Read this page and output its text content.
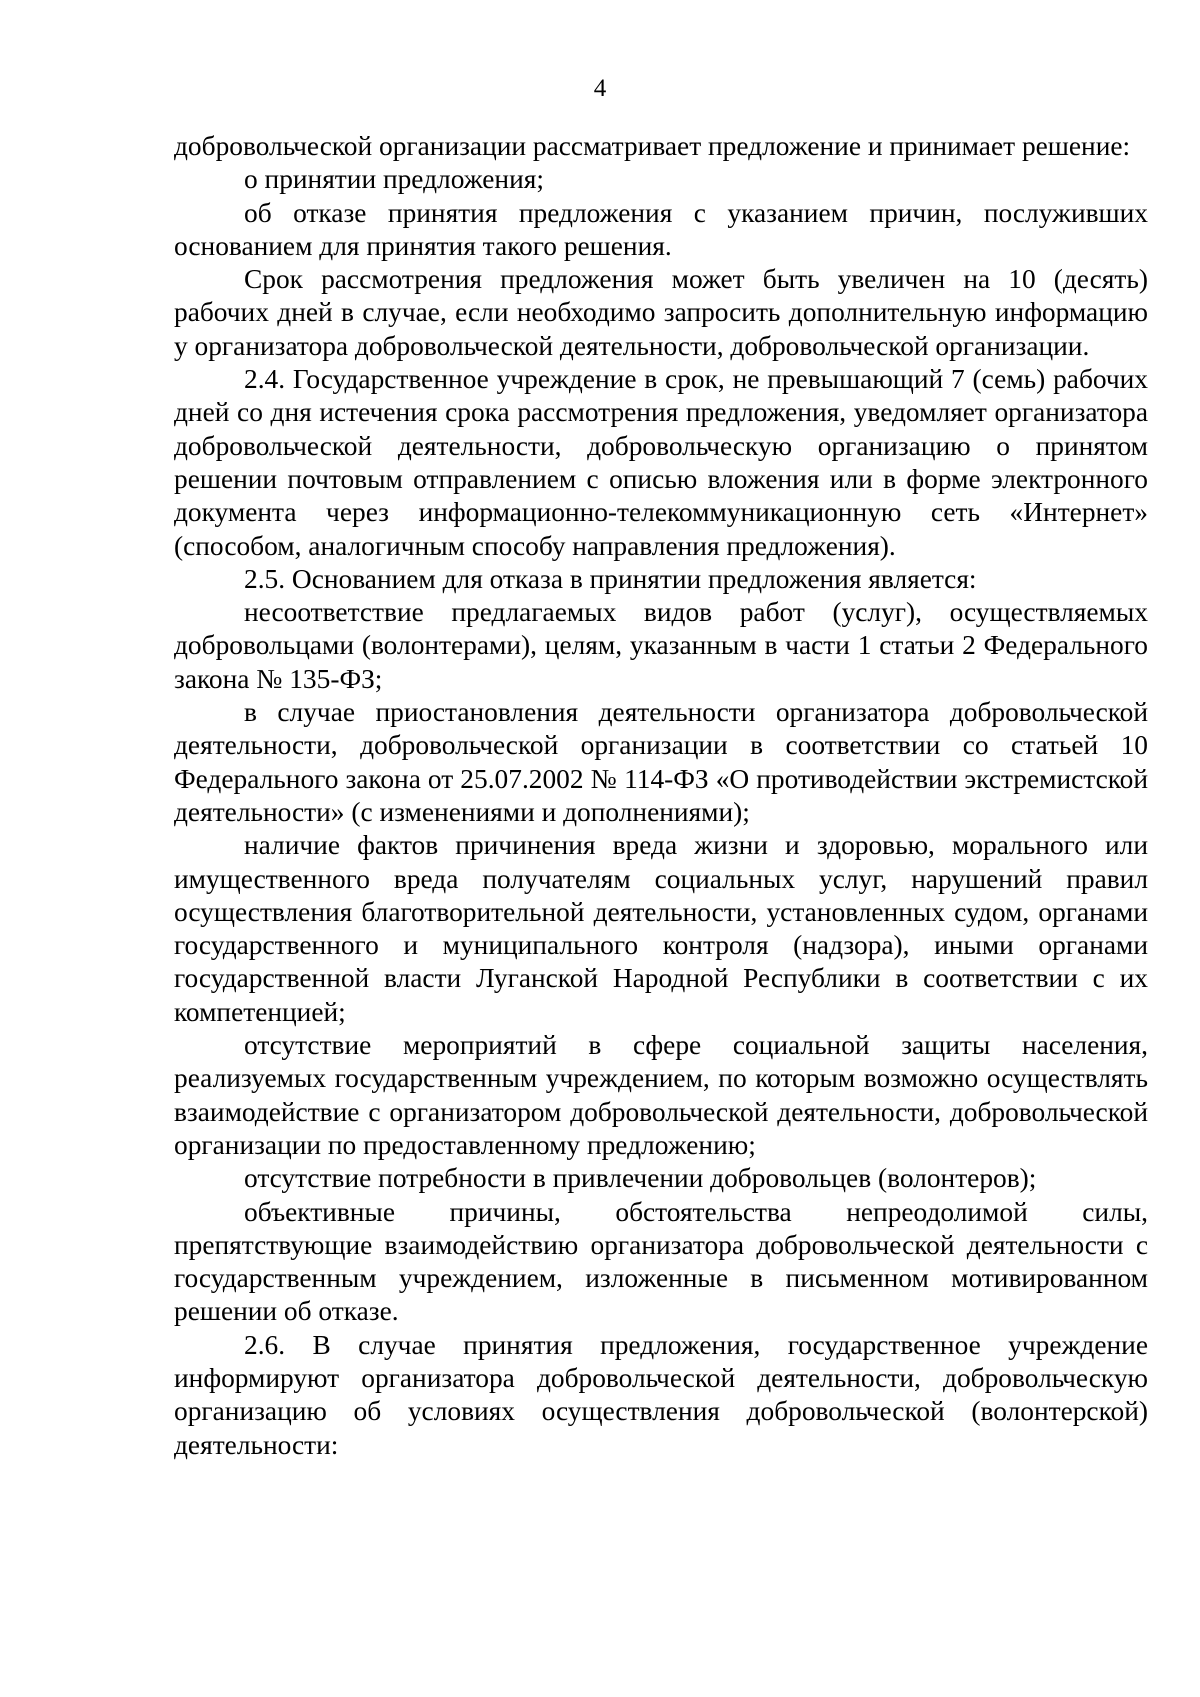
4

добровольческой организации рассматривает предложение и принимает решение:

о принятии предложения;

об отказе принятия предложения с указанием причин, послуживших основанием для принятия такого решения.

Срок рассмотрения предложения может быть увеличен на 10 (десять) рабочих дней в случае, если необходимо запросить дополнительную информацию у организатора добровольческой деятельности, добровольческой организации.

2.4. Государственное учреждение в срок, не превышающий 7 (семь) рабочих дней со дня истечения срока рассмотрения предложения, уведомляет организатора добровольческой деятельности, добровольческую организацию о принятом решении почтовым отправлением с описью вложения или в форме электронного документа через информационно-телекоммуникационную сеть «Интернет» (способом, аналогичным способу направления предложения).

2.5. Основанием для отказа в принятии предложения является:

несоответствие предлагаемых видов работ (услуг), осуществляемых добровольцами (волонтерами), целям, указанным в части 1 статьи 2 Федерального закона № 135-ФЗ;

в случае приостановления деятельности организатора добровольческой деятельности, добровольческой организации в соответствии со статьей 10 Федерального закона от 25.07.2002 № 114-ФЗ «О противодействии экстремистской деятельности» (с изменениями и дополнениями);

наличие фактов причинения вреда жизни и здоровью, морального или имущественного вреда получателям социальных услуг, нарушений правил осуществления благотворительной деятельности, установленных судом, органами государственного и муниципального контроля (надзора), иными органами государственной власти Луганской Народной Республики в соответствии с их компетенцией;

отсутствие мероприятий в сфере социальной защиты населения, реализуемых государственным учреждением, по которым возможно осуществлять взаимодействие с организатором добровольческой деятельности, добровольческой организации по предоставленному предложению;

отсутствие потребности в привлечении добровольцев (волонтеров);

объективные причины, обстоятельства непреодолимой силы, препятствующие взаимодействию организатора добровольческой деятельности с государственным учреждением, изложенные в письменном мотивированном решении об отказе.

2.6. В случае принятия предложения, государственное учреждение информируют организатора добровольческой деятельности, добровольческую организацию об условиях осуществления добровольческой (волонтерской) деятельности:
